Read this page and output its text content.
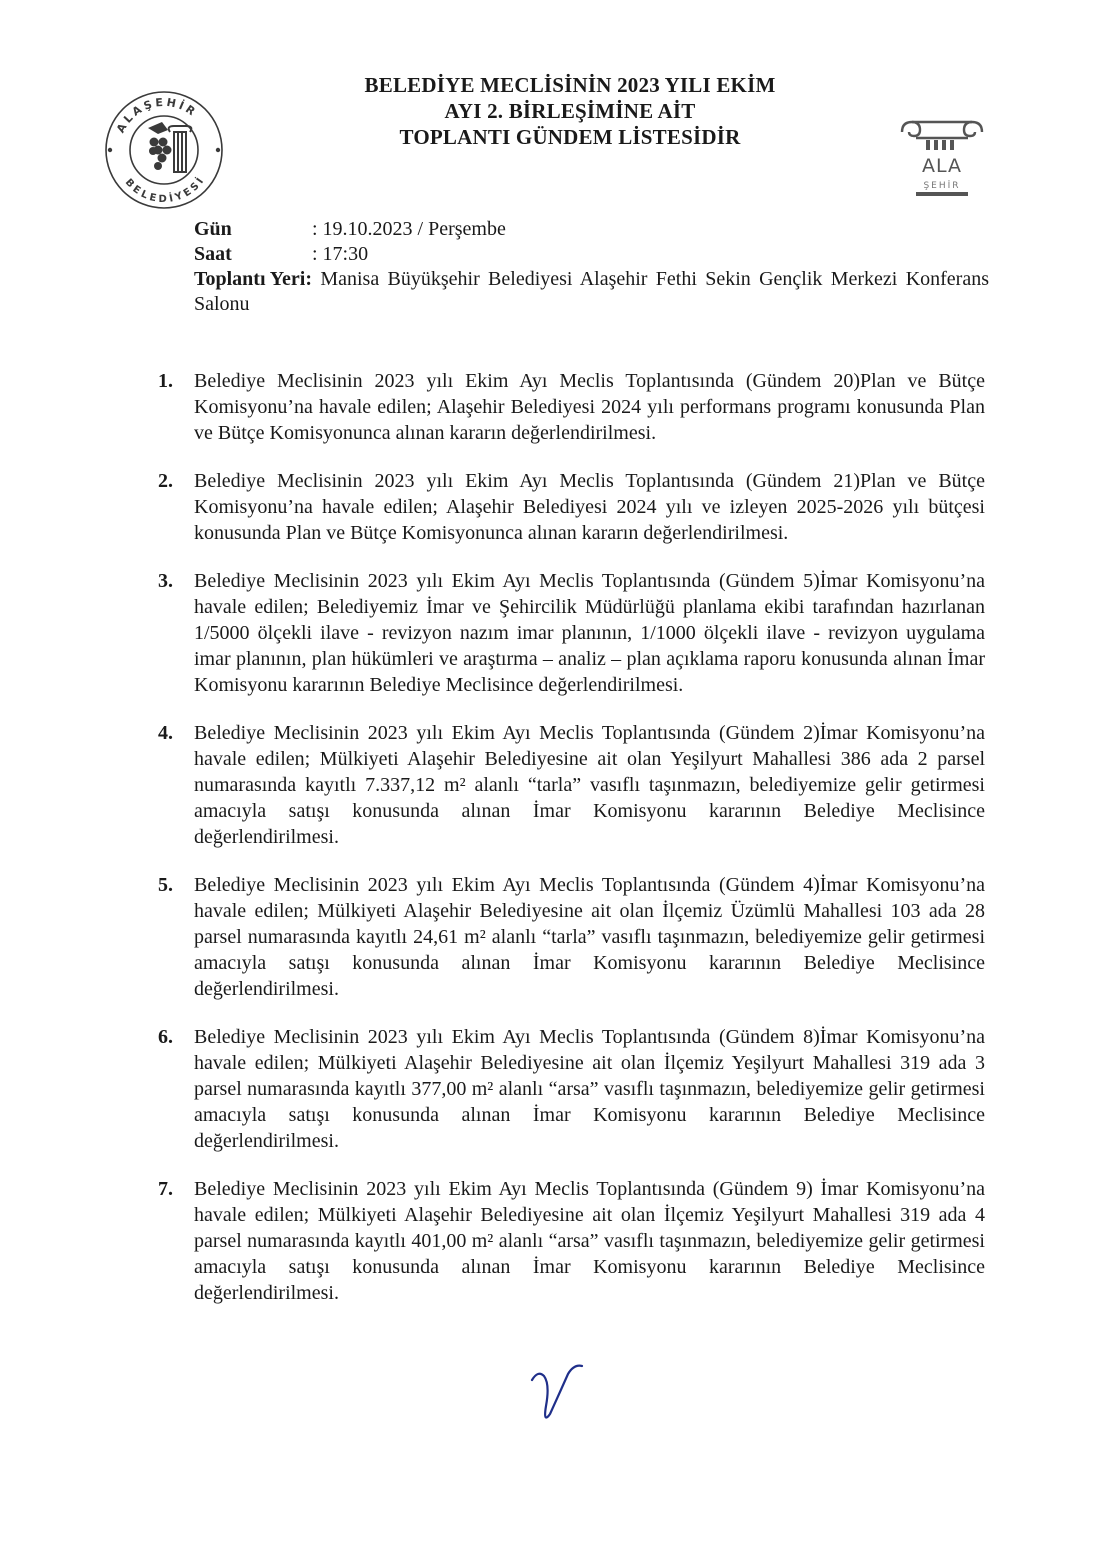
ALAŞEHİR
BELEDİYESİ
BELEDİYE MECLİSİNİN 2023 YILI EKİM
AYI 2. BİRLEŞİMİNE AİT
TOPLANTI GÜNDEM LİSTESİDİR
ALA
ŞEHİR
Gün	: 19.10.2023 / Perşembe
Saat	: 17:30
Toplantı Yeri: Manisa Büyükşehir Belediyesi Alaşehir Fethi Sekin Gençlik Merkezi Konferans Salonu
1. Belediye Meclisinin 2023 yılı Ekim Ayı Meclis Toplantısında (Gündem 20)Plan ve Bütçe Komisyonu’na havale edilen; Alaşehir Belediyesi 2024 yılı performans programı konusunda Plan ve Bütçe Komisyonunca alınan kararın değerlendirilmesi.
2. Belediye Meclisinin 2023 yılı Ekim Ayı Meclis Toplantısında (Gündem 21)Plan ve Bütçe Komisyonu’na havale edilen; Alaşehir Belediyesi 2024 yılı ve izleyen 2025-2026 yılı bütçesi konusunda Plan ve Bütçe Komisyonunca alınan kararın değerlendirilmesi.
3. Belediye Meclisinin 2023 yılı Ekim Ayı Meclis Toplantısında (Gündem 5)İmar Komisyonu’na havale edilen; Belediyemiz İmar ve Şehircilik Müdürlüğü planlama ekibi tarafından hazırlanan 1/5000 ölçekli ilave - revizyon nazım imar planının, 1/1000 ölçekli ilave - revizyon uygulama imar planının, plan hükümleri ve araştırma – analiz – plan açıklama raporu konusunda alınan İmar Komisyonu kararının Belediye Meclisince değerlendirilmesi.
4. Belediye Meclisinin 2023 yılı Ekim Ayı Meclis Toplantısında (Gündem 2)İmar Komisyonu’na havale edilen; Mülkiyeti Alaşehir Belediyesine ait olan Yeşilyurt Mahallesi 386 ada 2 parsel numarasında kayıtlı 7.337,12 m² alanlı “tarla” vasıflı taşınmazın, belediyemize gelir getirmesi amacıyla satışı konusunda alınan İmar Komisyonu kararının Belediye Meclisince değerlendirilmesi.
5. Belediye Meclisinin 2023 yılı Ekim Ayı Meclis Toplantısında (Gündem 4)İmar Komisyonu’na havale edilen; Mülkiyeti Alaşehir Belediyesine ait olan İlçemiz Üzümlü Mahallesi 103 ada 28 parsel numarasında kayıtlı 24,61 m² alanlı “tarla” vasıflı taşınmazın, belediyemize gelir getirmesi amacıyla satışı konusunda alınan İmar Komisyonu kararının Belediye Meclisince değerlendirilmesi.
6. Belediye Meclisinin 2023 yılı Ekim Ayı Meclis Toplantısında (Gündem 8)İmar Komisyonu’na havale edilen; Mülkiyeti Alaşehir Belediyesine ait olan İlçemiz Yeşilyurt Mahallesi 319 ada 3 parsel numarasında kayıtlı 377,00 m² alanlı “arsa” vasıflı taşınmazın, belediyemize gelir getirmesi amacıyla satışı konusunda alınan İmar Komisyonu kararının Belediye Meclisince değerlendirilmesi.
7. Belediye Meclisinin 2023 yılı Ekim Ayı Meclis Toplantısında (Gündem 9) İmar Komisyonu’na havale edilen; Mülkiyeti Alaşehir Belediyesine ait olan İlçemiz Yeşilyurt Mahallesi 319 ada 4 parsel numarasında kayıtlı 401,00 m² alanlı “arsa” vasıflı taşınmazın, belediyemize gelir getirmesi amacıyla satışı konusunda alınan İmar Komisyonu kararının Belediye Meclisince değerlendirilmesi.
